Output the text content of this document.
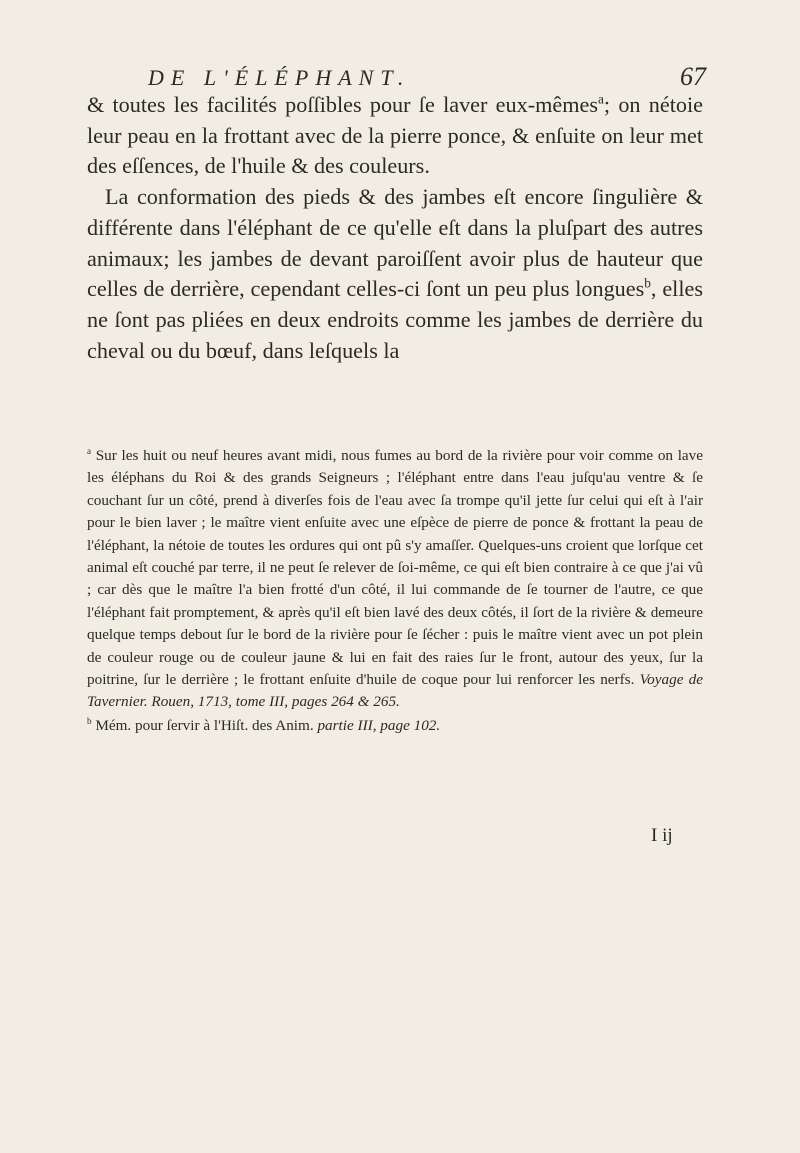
DE L'ÉLÉPHANT.	67

& toutes les facilités poſſibles pour ſe laver eux-mêmes$^a$; on nétoie leur peau en la frottant avec de la pierre ponce, & enſuite on leur met des eſſences, de l'huile & des couleurs.

La conformation des pieds & des jambes eſt encore ſingulière & différente dans l'éléphant de ce qu'elle eſt dans la pluſpart des autres animaux; les jambes de devant paroiſſent avoir plus de hauteur que celles de derrière, cependant celles-ci ſont un peu plus longues$^b$, elles ne ſont pas pliées en deux endroits comme les jambes de derrière du cheval ou du bœuf, dans leſquels la

$^a$ Sur les huit ou neuf heures avant midi, nous fumes au bord de la rivière pour voir comme on lave les éléphans du Roi & des grands Seigneurs ; l'éléphant entre dans l'eau juſqu'au ventre & ſe couchant ſur un côté, prend à diverſes fois de l'eau avec ſa trompe qu'il jette ſur celui qui eſt à l'air pour le bien laver ; le maître vient enſuite avec une eſpèce de pierre de ponce & frottant la peau de l'éléphant, la nétoie de toutes les ordures qui ont pû s'y amaſſer. Quelques-uns croient que lorſque cet animal eſt couché par terre, il ne peut ſe relever de ſoi-même, ce qui eſt bien contraire à ce que j'ai vû ; car dès que le maître l'a bien frotté d'un côté, il lui commande de ſe tourner de l'autre, ce que l'éléphant fait promptement, & après qu'il eſt bien lavé des deux côtés, il ſort de la rivière & demeure quelque temps debout ſur le bord de la rivière pour ſe ſécher : puis le maître vient avec un pot plein de couleur rouge ou de couleur jaune & lui en fait des raies ſur le front, autour des yeux, ſur la poitrine, ſur le derrière ; le frottant enſuite d'huile de coque pour lui renforcer les nerfs. Voyage de Tavernier. Rouen, 1713, tome III, pages 264 & 265.

$^b$ Mém. pour ſervir à l'Hiſt. des Anim. partie III, page 102.

I ij
